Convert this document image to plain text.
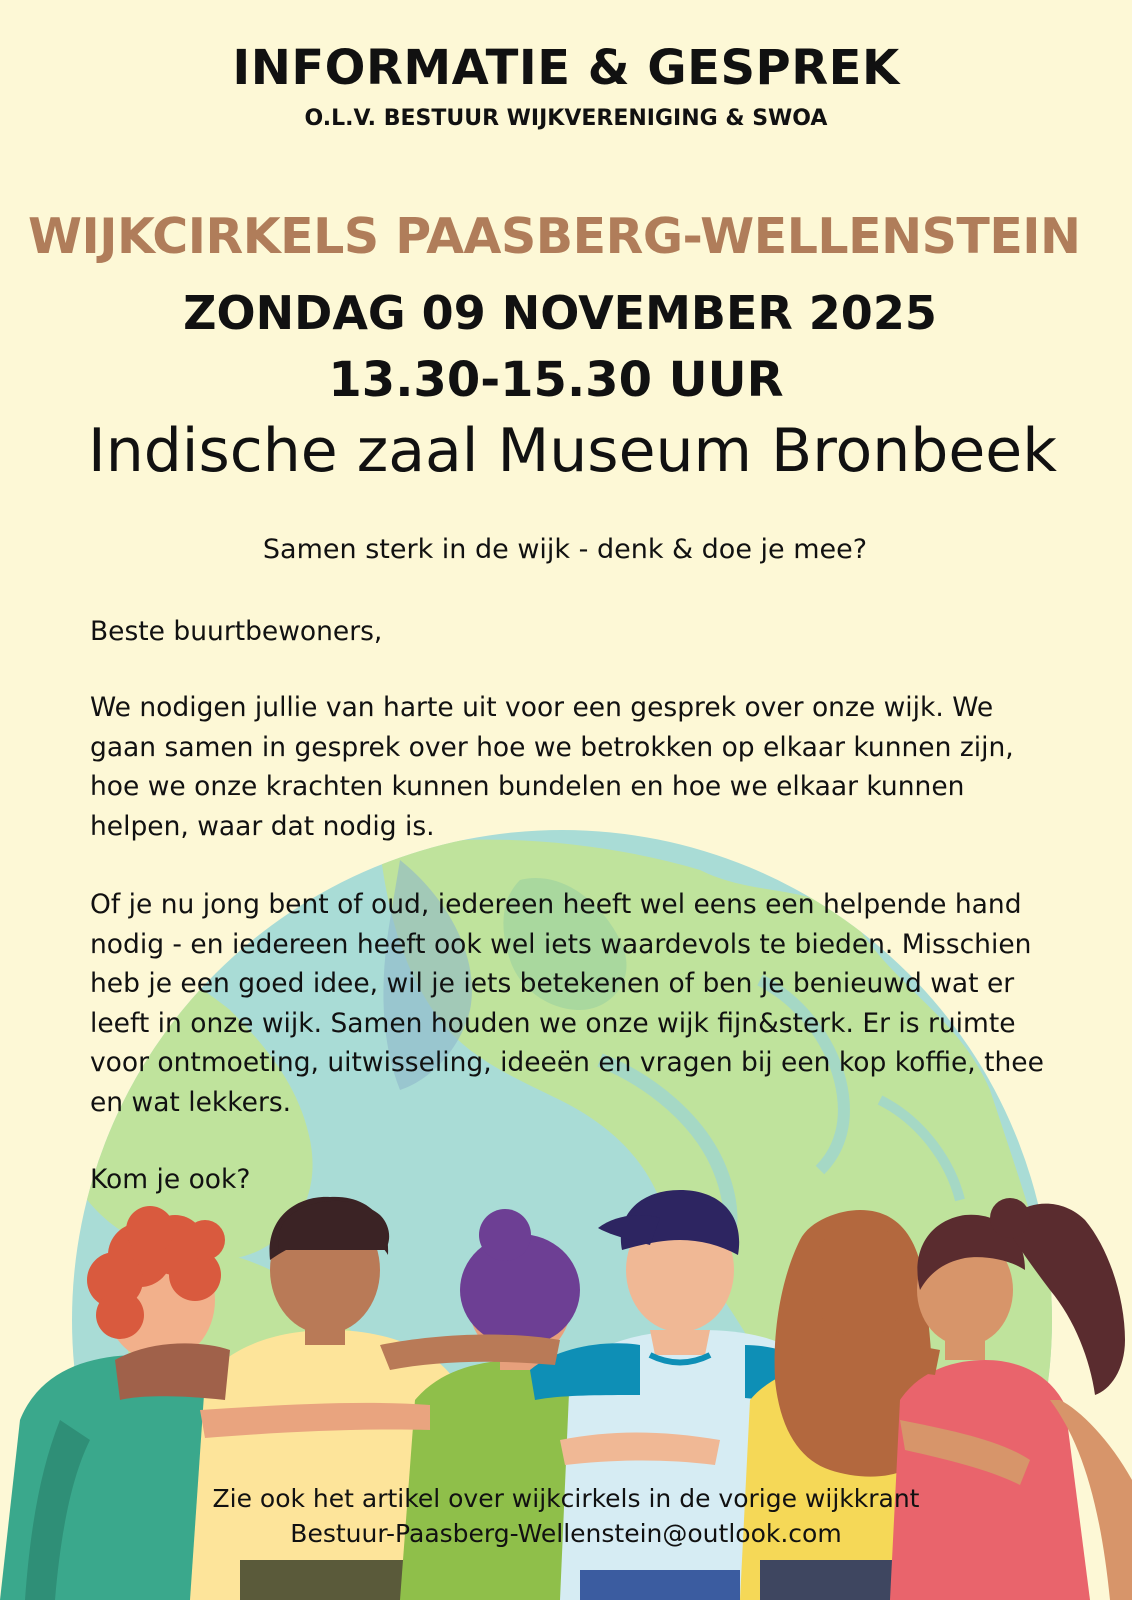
INFORMATIE & GESPREK
O.L.V. BESTUUR WIJKVERENIGING & SWOA
WIJKCIRKELS PAASBERG-WELLENSTEIN
ZONDAG 09 NOVEMBER 2025
13.30-15.30 UUR
Indische zaal Museum Bronbeek
Samen sterk in de wijk - denk & doe je mee?

Beste buurtbewoners,

We nodigen jullie van harte uit voor een gesprek over onze wijk. We gaan samen in gesprek over hoe we betrokken op elkaar kunnen zijn, hoe we onze krachten kunnen bundelen en hoe we elkaar kunnen helpen, waar dat nodig is.

Of je nu jong bent of oud, iedereen heeft wel eens een helpende hand nodig - en iedereen heeft ook wel iets waardevols te bieden. Misschien heb je een goed idee, wil je iets betekenen of ben je benieuwd wat er leeft in onze wijk. Samen houden we onze wijk fijn&sterk. Er is ruimte voor ontmoeting, uitwisseling, ideeën en vragen bij een kop koffie, thee en wat lekkers.

Kom je ook?

Zie ook het artikel over wijkcirkels in de vorige wijkkrant
Bestuur-Paasberg-Wellenstein@outlook.com
